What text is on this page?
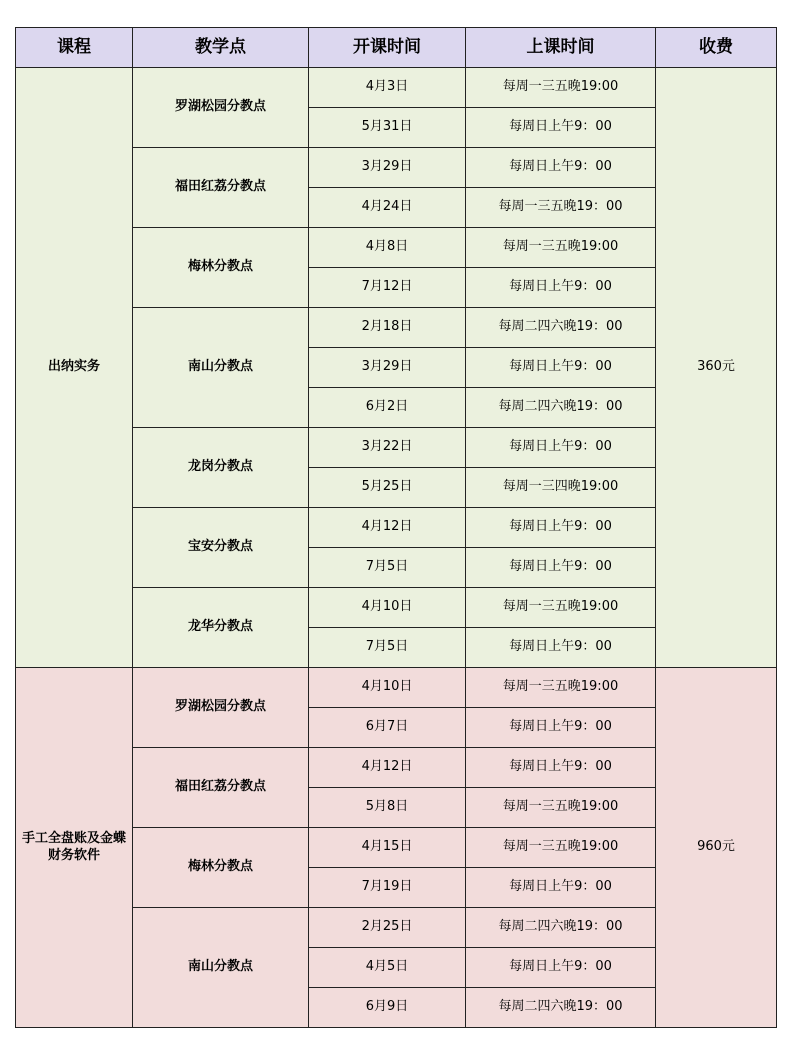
课程	教学点	开课时间	上课时间	收费
出纳实务	罗湖松园分教点	4月3日	每周一三五晚19:00	360元
		5月31日	每周日上午9：00	
	福田红荔分教点	3月29日	每周日上午9：00	
		4月24日	每周一三五晚19：00	
	梅林分教点	4月8日	每周一三五晚19:00	
		7月12日	每周日上午9：00	
	南山分教点	2月18日	每周二四六晚19：00	
		3月29日	每周日上午9：00	
		6月2日	每周二四六晚19：00	
	龙岗分教点	3月22日	每周日上午9：00	
		5月25日	每周一三四晚19:00	
	宝安分教点	4月12日	每周日上午9：00	
		7月5日	每周日上午9：00	
	龙华分教点	4月10日	每周一三五晚19:00	
		7月5日	每周日上午9：00	
手工全盘账及金蝶财务软件	罗湖松园分教点	4月10日	每周一三五晚19:00	960元
		6月7日	每周日上午9：00	
	福田红荔分教点	4月12日	每周日上午9：00	
		5月8日	每周一三五晚19:00	
	梅林分教点	4月15日	每周一三五晚19:00	
		7月19日	每周日上午9：00	
	南山分教点	2月25日	每周二四六晚19：00	
		4月5日	每周日上午9：00	
		6月9日	每周二四六晚19：00	
